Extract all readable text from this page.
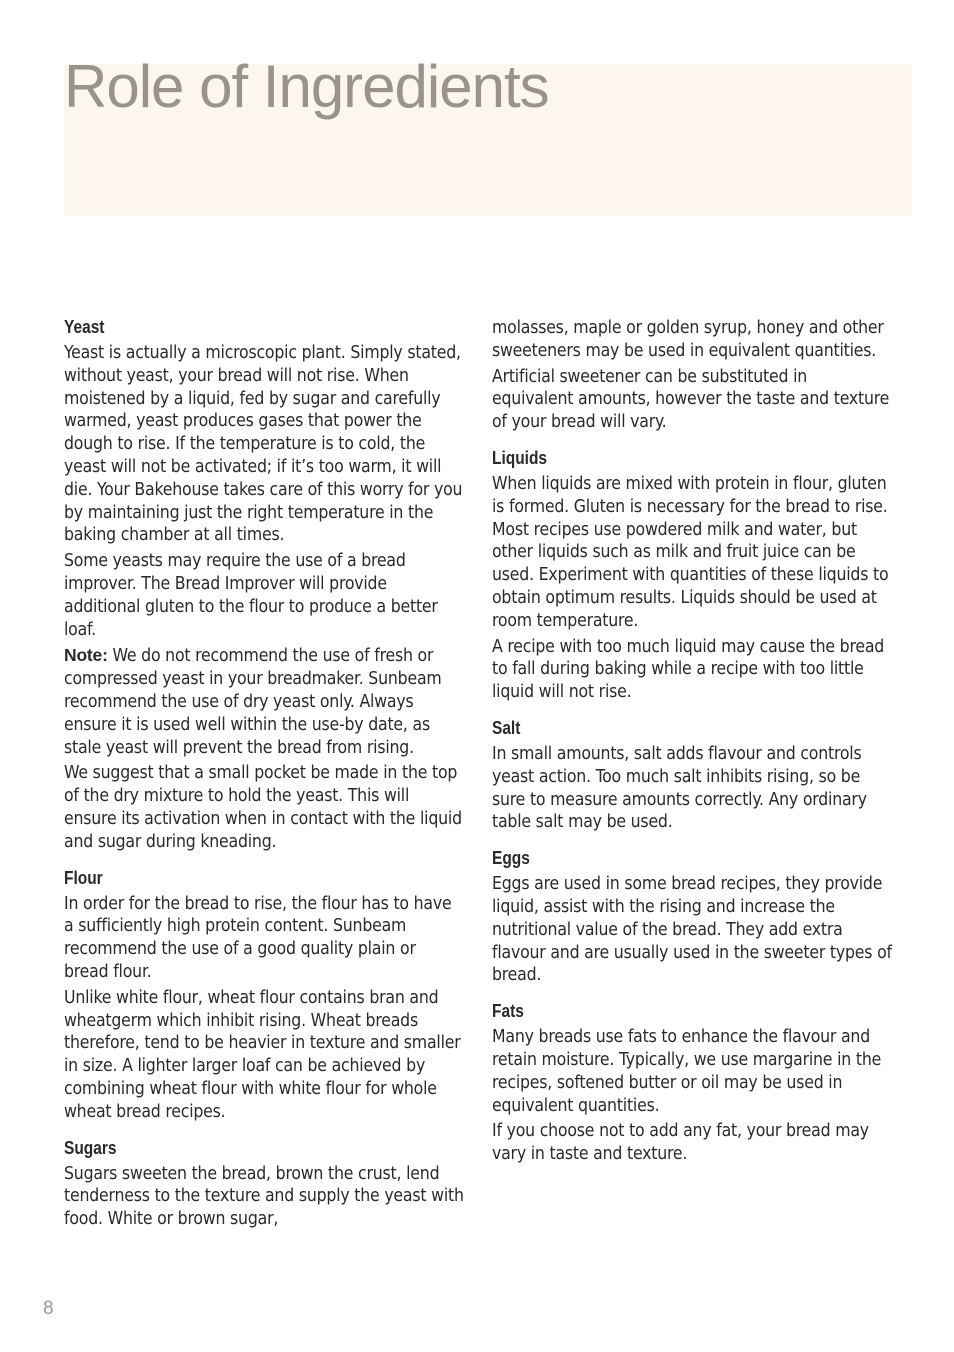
Role of Ingredients
Yeast

Yeast is actually a microscopic plant. Simply stated, without yeast, your bread will not rise. When moistened by a liquid, fed by sugar and carefully warmed, yeast produces gases that power the dough to rise. If the temperature is to cold, the yeast will not be activated; if it’s too warm, it will die. Your Bakehouse takes care of this worry for you by maintaining just the right temperature in the baking chamber at all times.

Some yeasts may require the use of a bread improver. The Bread Improver will provide additional gluten to the flour to produce a better loaf.

Note: We do not recommend the use of fresh or compressed yeast in your breadmaker. Sunbeam recommend the use of dry yeast only. Always ensure it is used well within the use-by date, as stale yeast will prevent the bread from rising.

We suggest that a small pocket be made in the top of the dry mixture to hold the yeast. This will ensure its activation when in contact with the liquid and sugar during kneading.

Flour

In order for the bread to rise, the flour has to have a sufficiently high protein content. Sunbeam recommend the use of a good quality plain or bread flour.

Unlike white flour, wheat flour contains bran and wheatgerm which inhibit rising. Wheat breads therefore, tend to be heavier in texture and smaller in size. A lighter larger loaf can be achieved by combining wheat flour with white flour for whole wheat bread recipes.

Sugars

Sugars sweeten the bread, brown the crust, lend tenderness to the texture and supply the yeast with food. White or brown sugar,

molasses, maple or golden syrup, honey and other sweeteners may be used in equivalent quantities.

Artificial sweetener can be substituted in equivalent amounts, however the taste and texture of your bread will vary.

Liquids

When liquids are mixed with protein in flour, gluten is formed. Gluten is necessary for the bread to rise. Most recipes use powdered milk and water, but other liquids such as milk and fruit juice can be used. Experiment with quantities of these liquids to obtain optimum results. Liquids should be used at room temperature.

A recipe with too much liquid may cause the bread to fall during baking while a recipe with too little liquid will not rise.

Salt

In small amounts, salt adds flavour and controls yeast action. Too much salt inhibits rising, so be sure to measure amounts correctly. Any ordinary table salt may be used.

Eggs

Eggs are used in some bread recipes, they provide liquid, assist with the rising and increase the nutritional value of the bread. They add extra flavour and are usually used in the sweeter types of bread.

Fats

Many breads use fats to enhance the flavour and retain moisture. Typically, we use margarine in the recipes, softened butter or oil may be used in equivalent quantities.

If you choose not to add any fat, your bread may vary in taste and texture.

8
